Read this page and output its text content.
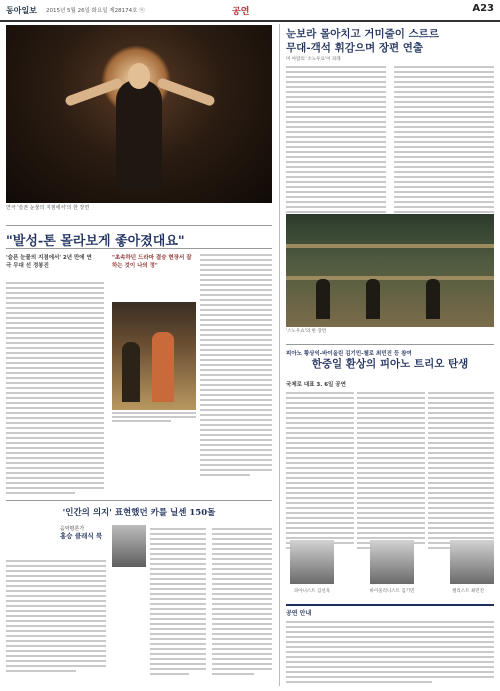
동아일보 2015년 5월 26일 화요일 제28174호 ⓦ	공연	A23
연극 '슬픈 눈물의 지점에서'의 한 장면
"발성-톤 몰라보게 좋아졌대요"
'슬픈 눈물의 지점에서' 2년 만에 연극 무대 선 정봉진
"초속하던 드라마 결승 현장서 잘 하는 것이 나의 정"
'인간의 의지' 표현했던 카를 닐센 150돌
음악평론가
홍승 클래식 북
눈보라 몰아치고 거미줄이 스르르
무대-객석 휘감으며 장편 연출
미 아랍의 '소노우요'이 피래
'스노우쇼'의 한 장면
피아노 황상익-바이올린 김기민-첼로 최민진 등 참여
한중일 환상의 피아노 트리오 탄생
국제로 대표 3. 6일 공연
피아니스트 김선욱	바이올리니스트 김기민	첼리스트 최민진
공연 안내
